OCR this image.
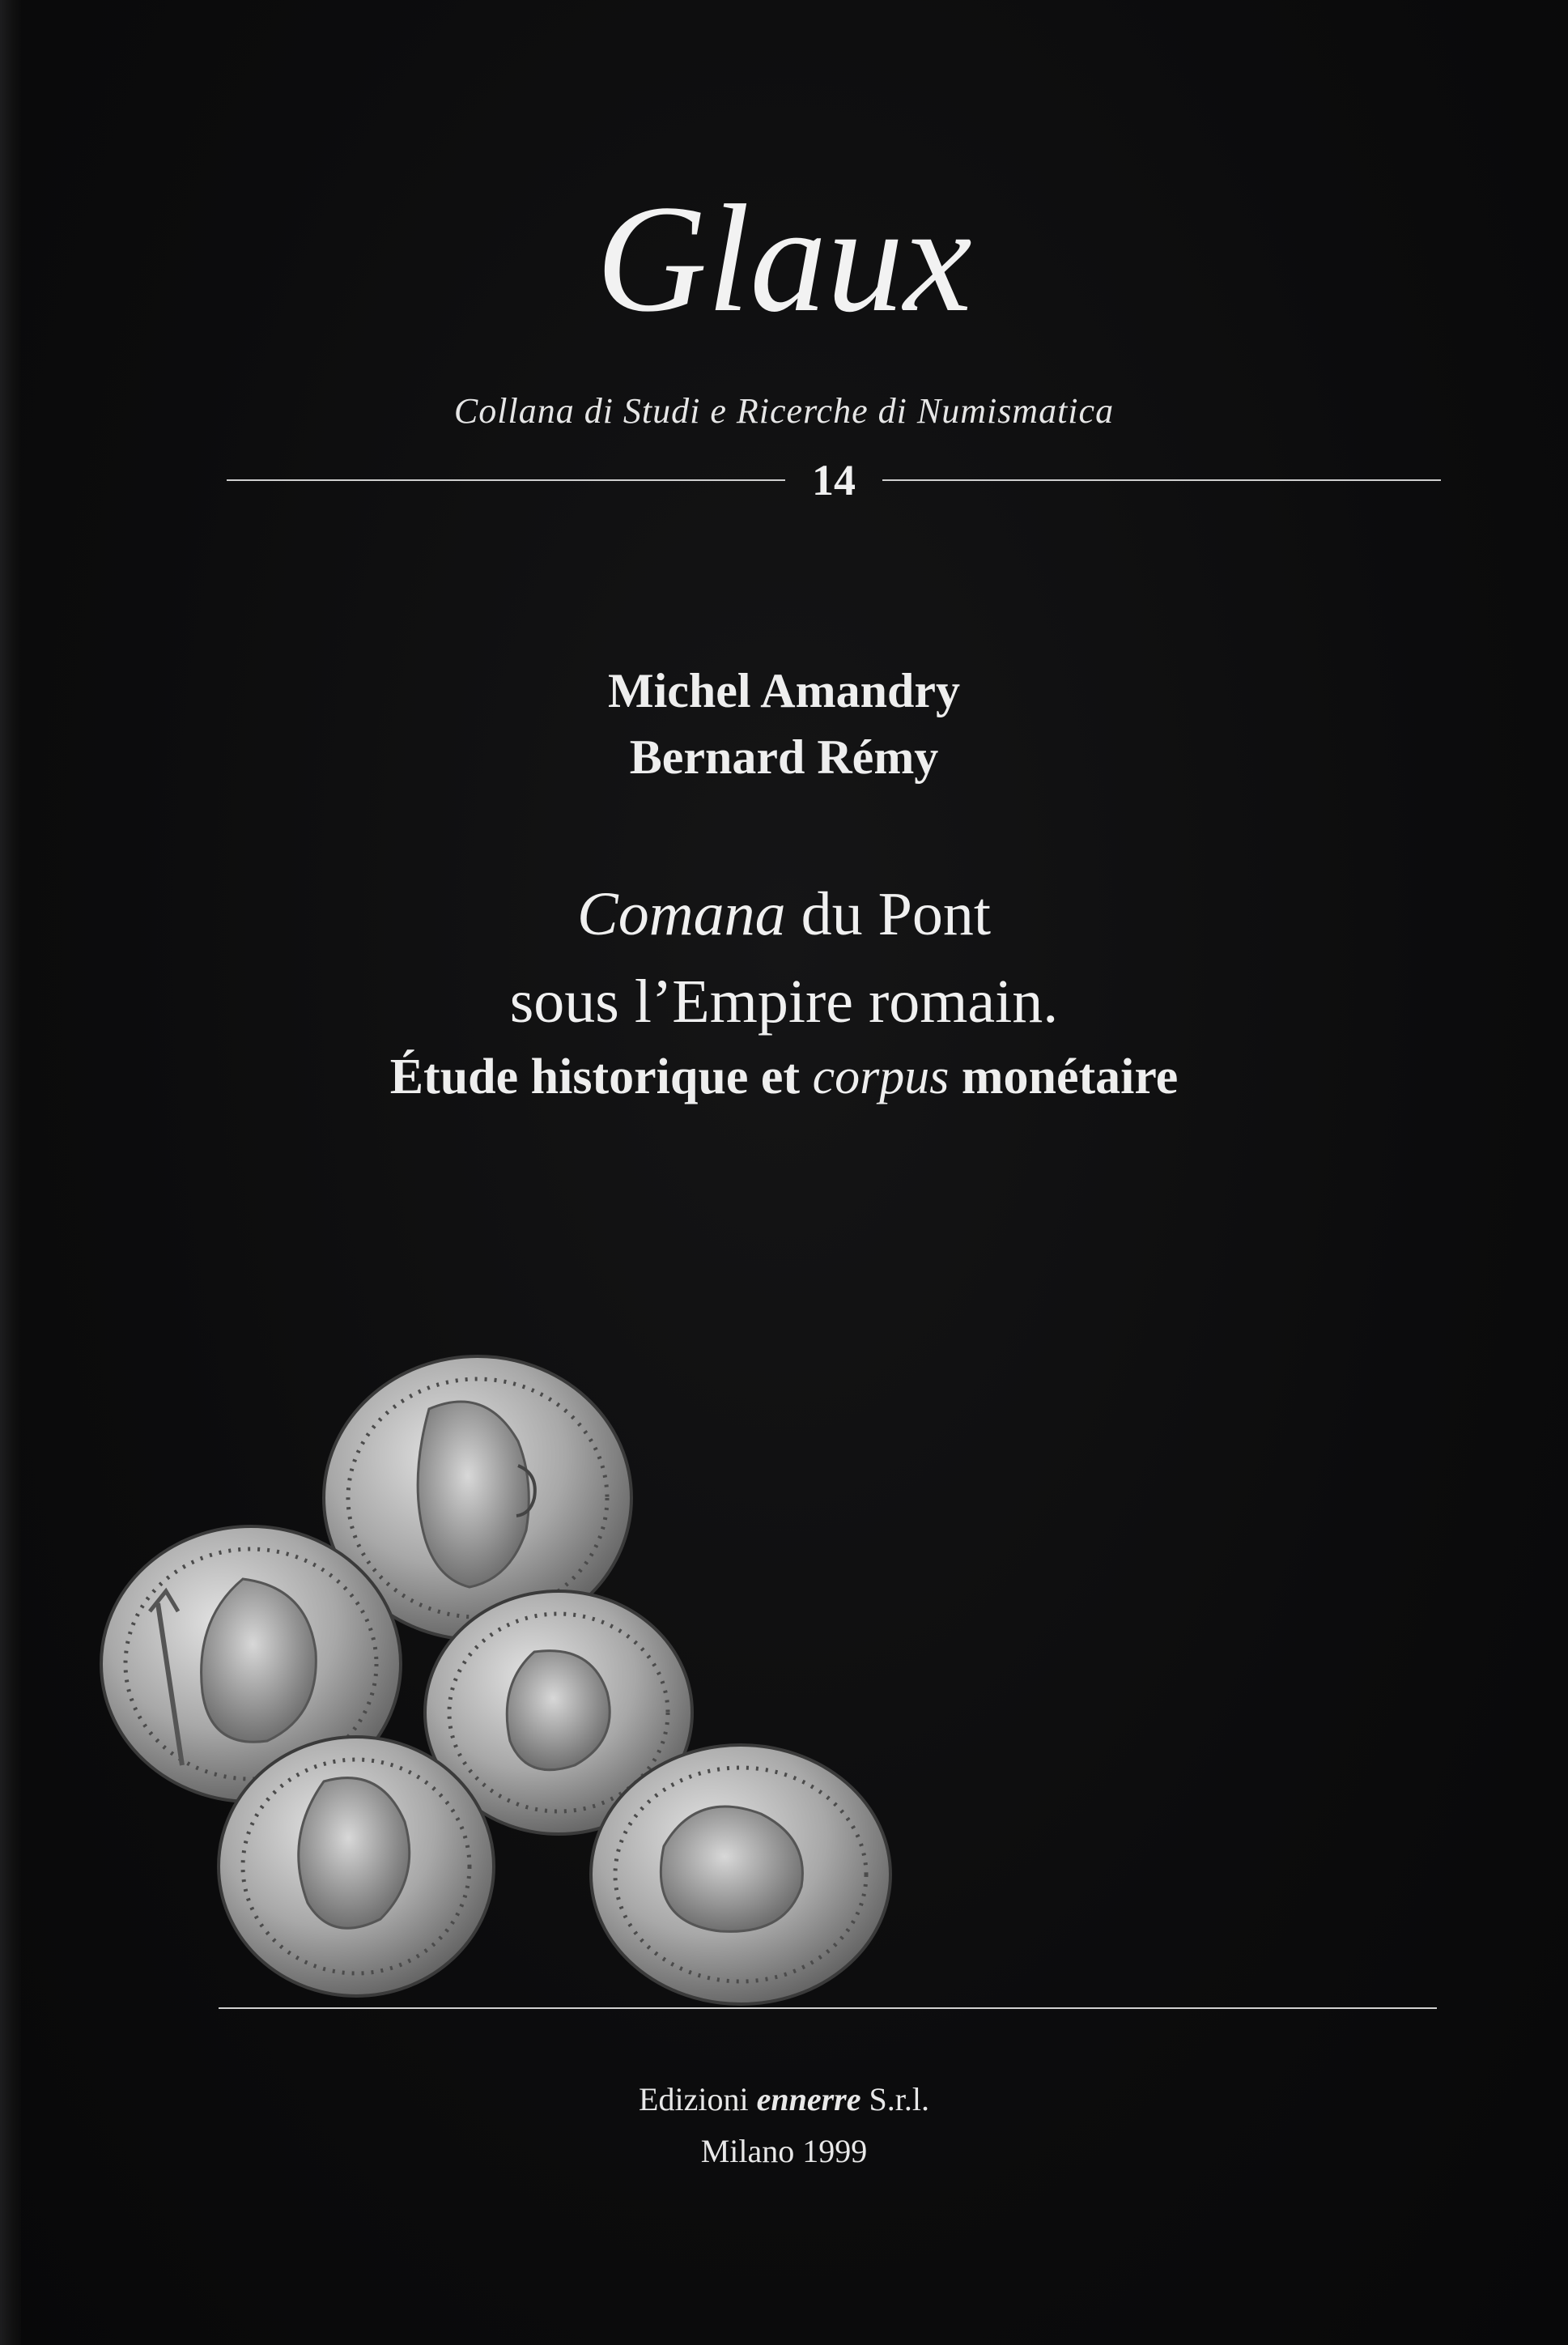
Glaux
Collana di Studi e Ricerche di Numismatica
14
Michel Amandry
Bernard Rémy
Comana du Pont
sous l’Empire romain.
Étude historique et corpus monétaire
Edizioni ennerre S.r.l.
Milano 1999
